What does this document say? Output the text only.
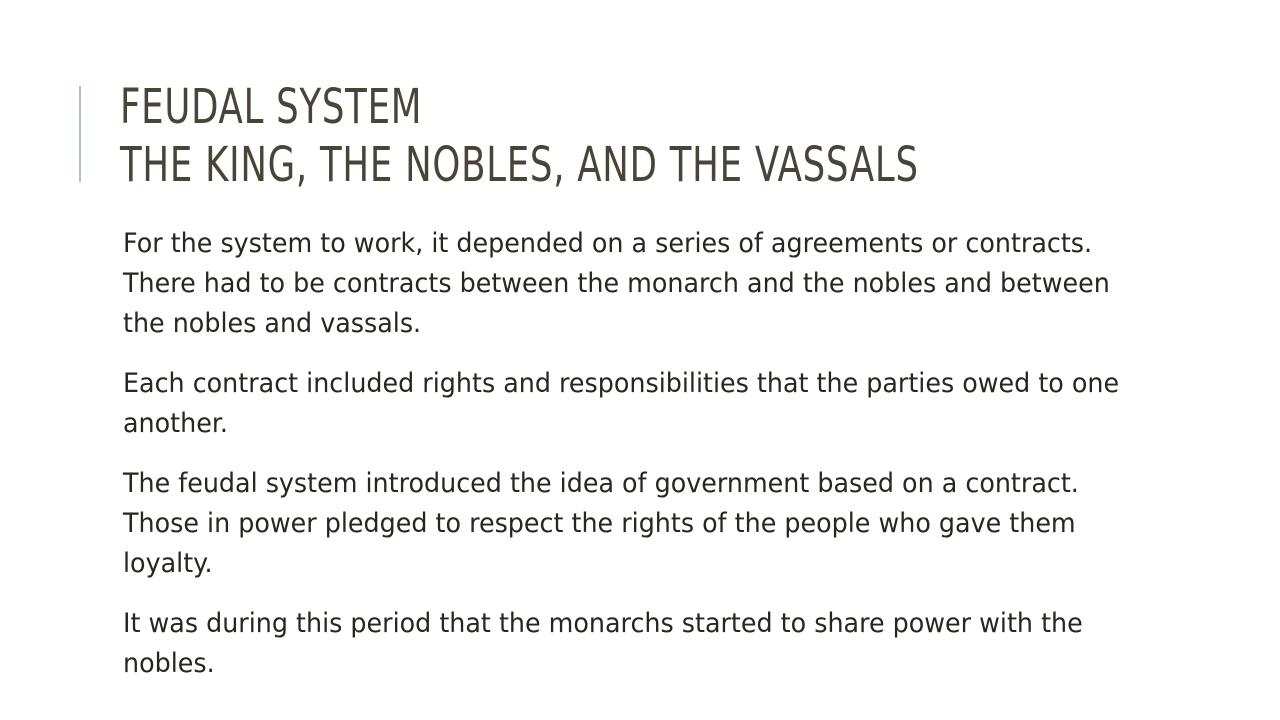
FEUDAL SYSTEM
THE KING, THE NOBLES, AND THE VASSALS

For the system to work, it depended on a series of agreements or contracts. There had to be contracts between the monarch and the nobles and between the nobles and vassals.

Each contract included rights and responsibilities that the parties owed to one another.

The feudal system introduced the idea of government based on a contract. Those in power pledged to respect the rights of the people who gave them loyalty.

It was during this period that the monarchs started to share power with the nobles.
